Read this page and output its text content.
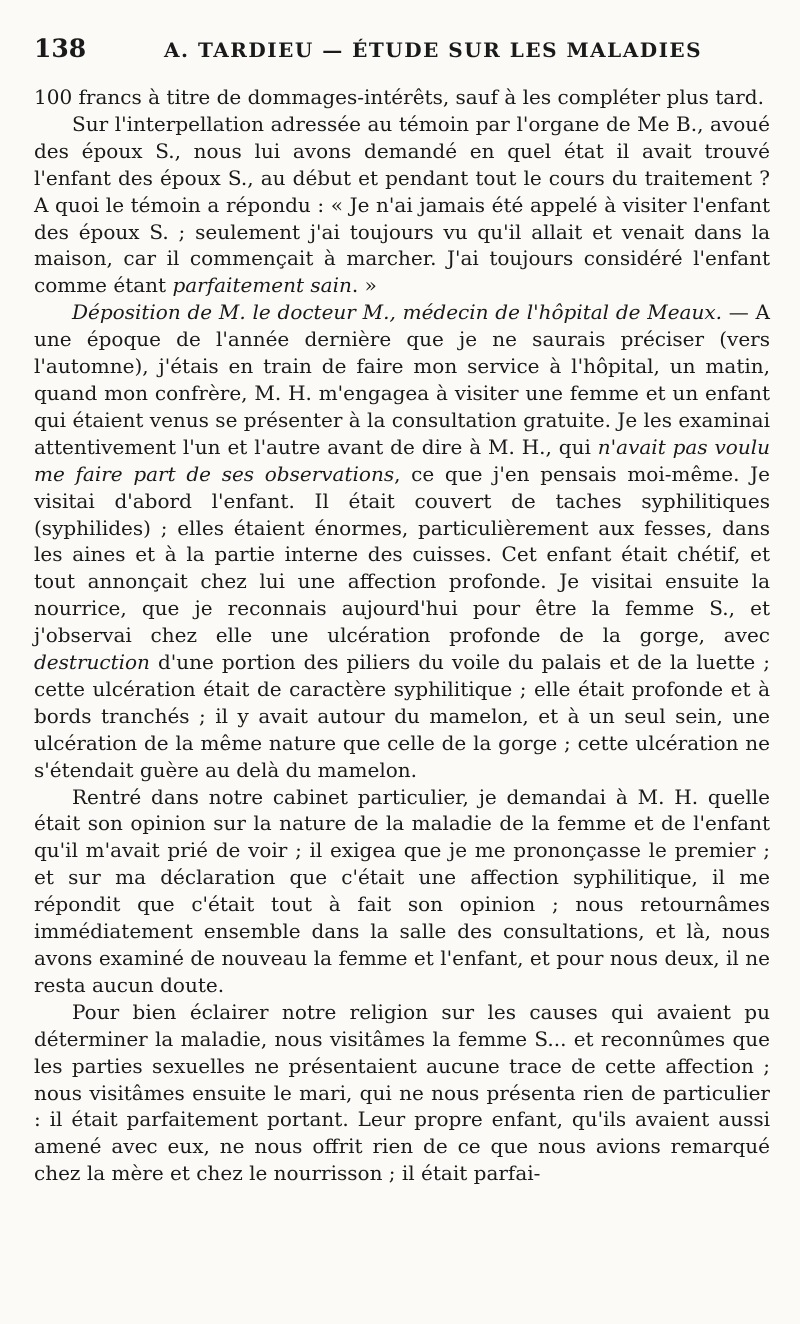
138	A. TARDIEU — ÉTUDE SUR LES MALADIES

100 francs à titre de dommages-intérêts, sauf à les compléter plus tard.

Sur l'interpellation adressée au témoin par l'organe de Me B., avoué des époux S., nous lui avons demandé en quel état il avait trouvé l'enfant des époux S., au début et pendant tout le cours du traitement ? A quoi le témoin a répondu : « Je n'ai jamais été appelé à visiter l'enfant des époux S. ; seulement j'ai toujours vu qu'il allait et venait dans la maison, car il commençait à marcher. J'ai toujours considéré l'enfant comme étant parfaitement sain. »

Déposition de M. le docteur M., médecin de l'hôpital de Meaux. — A une époque de l'année dernière que je ne saurais préciser (vers l'automne), j'étais en train de faire mon service à l'hôpital, un matin, quand mon confrère, M. H. m'engagea à visiter une femme et un enfant qui étaient venus se présenter à la consultation gratuite. Je les examinai attentivement l'un et l'autre avant de dire à M. H., qui n'avait pas voulu me faire part de ses observations, ce que j'en pensais moi-même. Je visitai d'abord l'enfant. Il était couvert de taches syphilitiques (syphilides) ; elles étaient énormes, particulièrement aux fesses, dans les aines et à la partie interne des cuisses. Cet enfant était chétif, et tout annonçait chez lui une affection profonde. Je visitai ensuite la nourrice, que je reconnais aujourd'hui pour être la femme S., et j'observai chez elle une ulcération profonde de la gorge, avec destruction d'une portion des piliers du voile du palais et de la luette ; cette ulcération était de caractère syphilitique ; elle était profonde et à bords tranchés ; il y avait autour du mamelon, et à un seul sein, une ulcération de la même nature que celle de la gorge ; cette ulcération ne s'étendait guère au delà du mamelon.

Rentré dans notre cabinet particulier, je demandai à M. H. quelle était son opinion sur la nature de la maladie de la femme et de l'enfant qu'il m'avait prié de voir ; il exigea que je me prononçasse le premier ; et sur ma déclaration que c'était une affection syphilitique, il me répondit que c'était tout à fait son opinion ; nous retournâmes immédiatement ensemble dans la salle des consultations, et là, nous avons examiné de nouveau la femme et l'enfant, et pour nous deux, il ne resta aucun doute.

Pour bien éclairer notre religion sur les causes qui avaient pu déterminer la maladie, nous visitâmes la femme S... et reconnûmes que les parties sexuelles ne présentaient aucune trace de cette affection ; nous visitâmes ensuite le mari, qui ne nous présenta rien de particulier : il était parfaitement portant. Leur propre enfant, qu'ils avaient aussi amené avec eux, ne nous offrit rien de ce que nous avions remarqué chez la mère et chez le nourrisson ; il était parfai-
